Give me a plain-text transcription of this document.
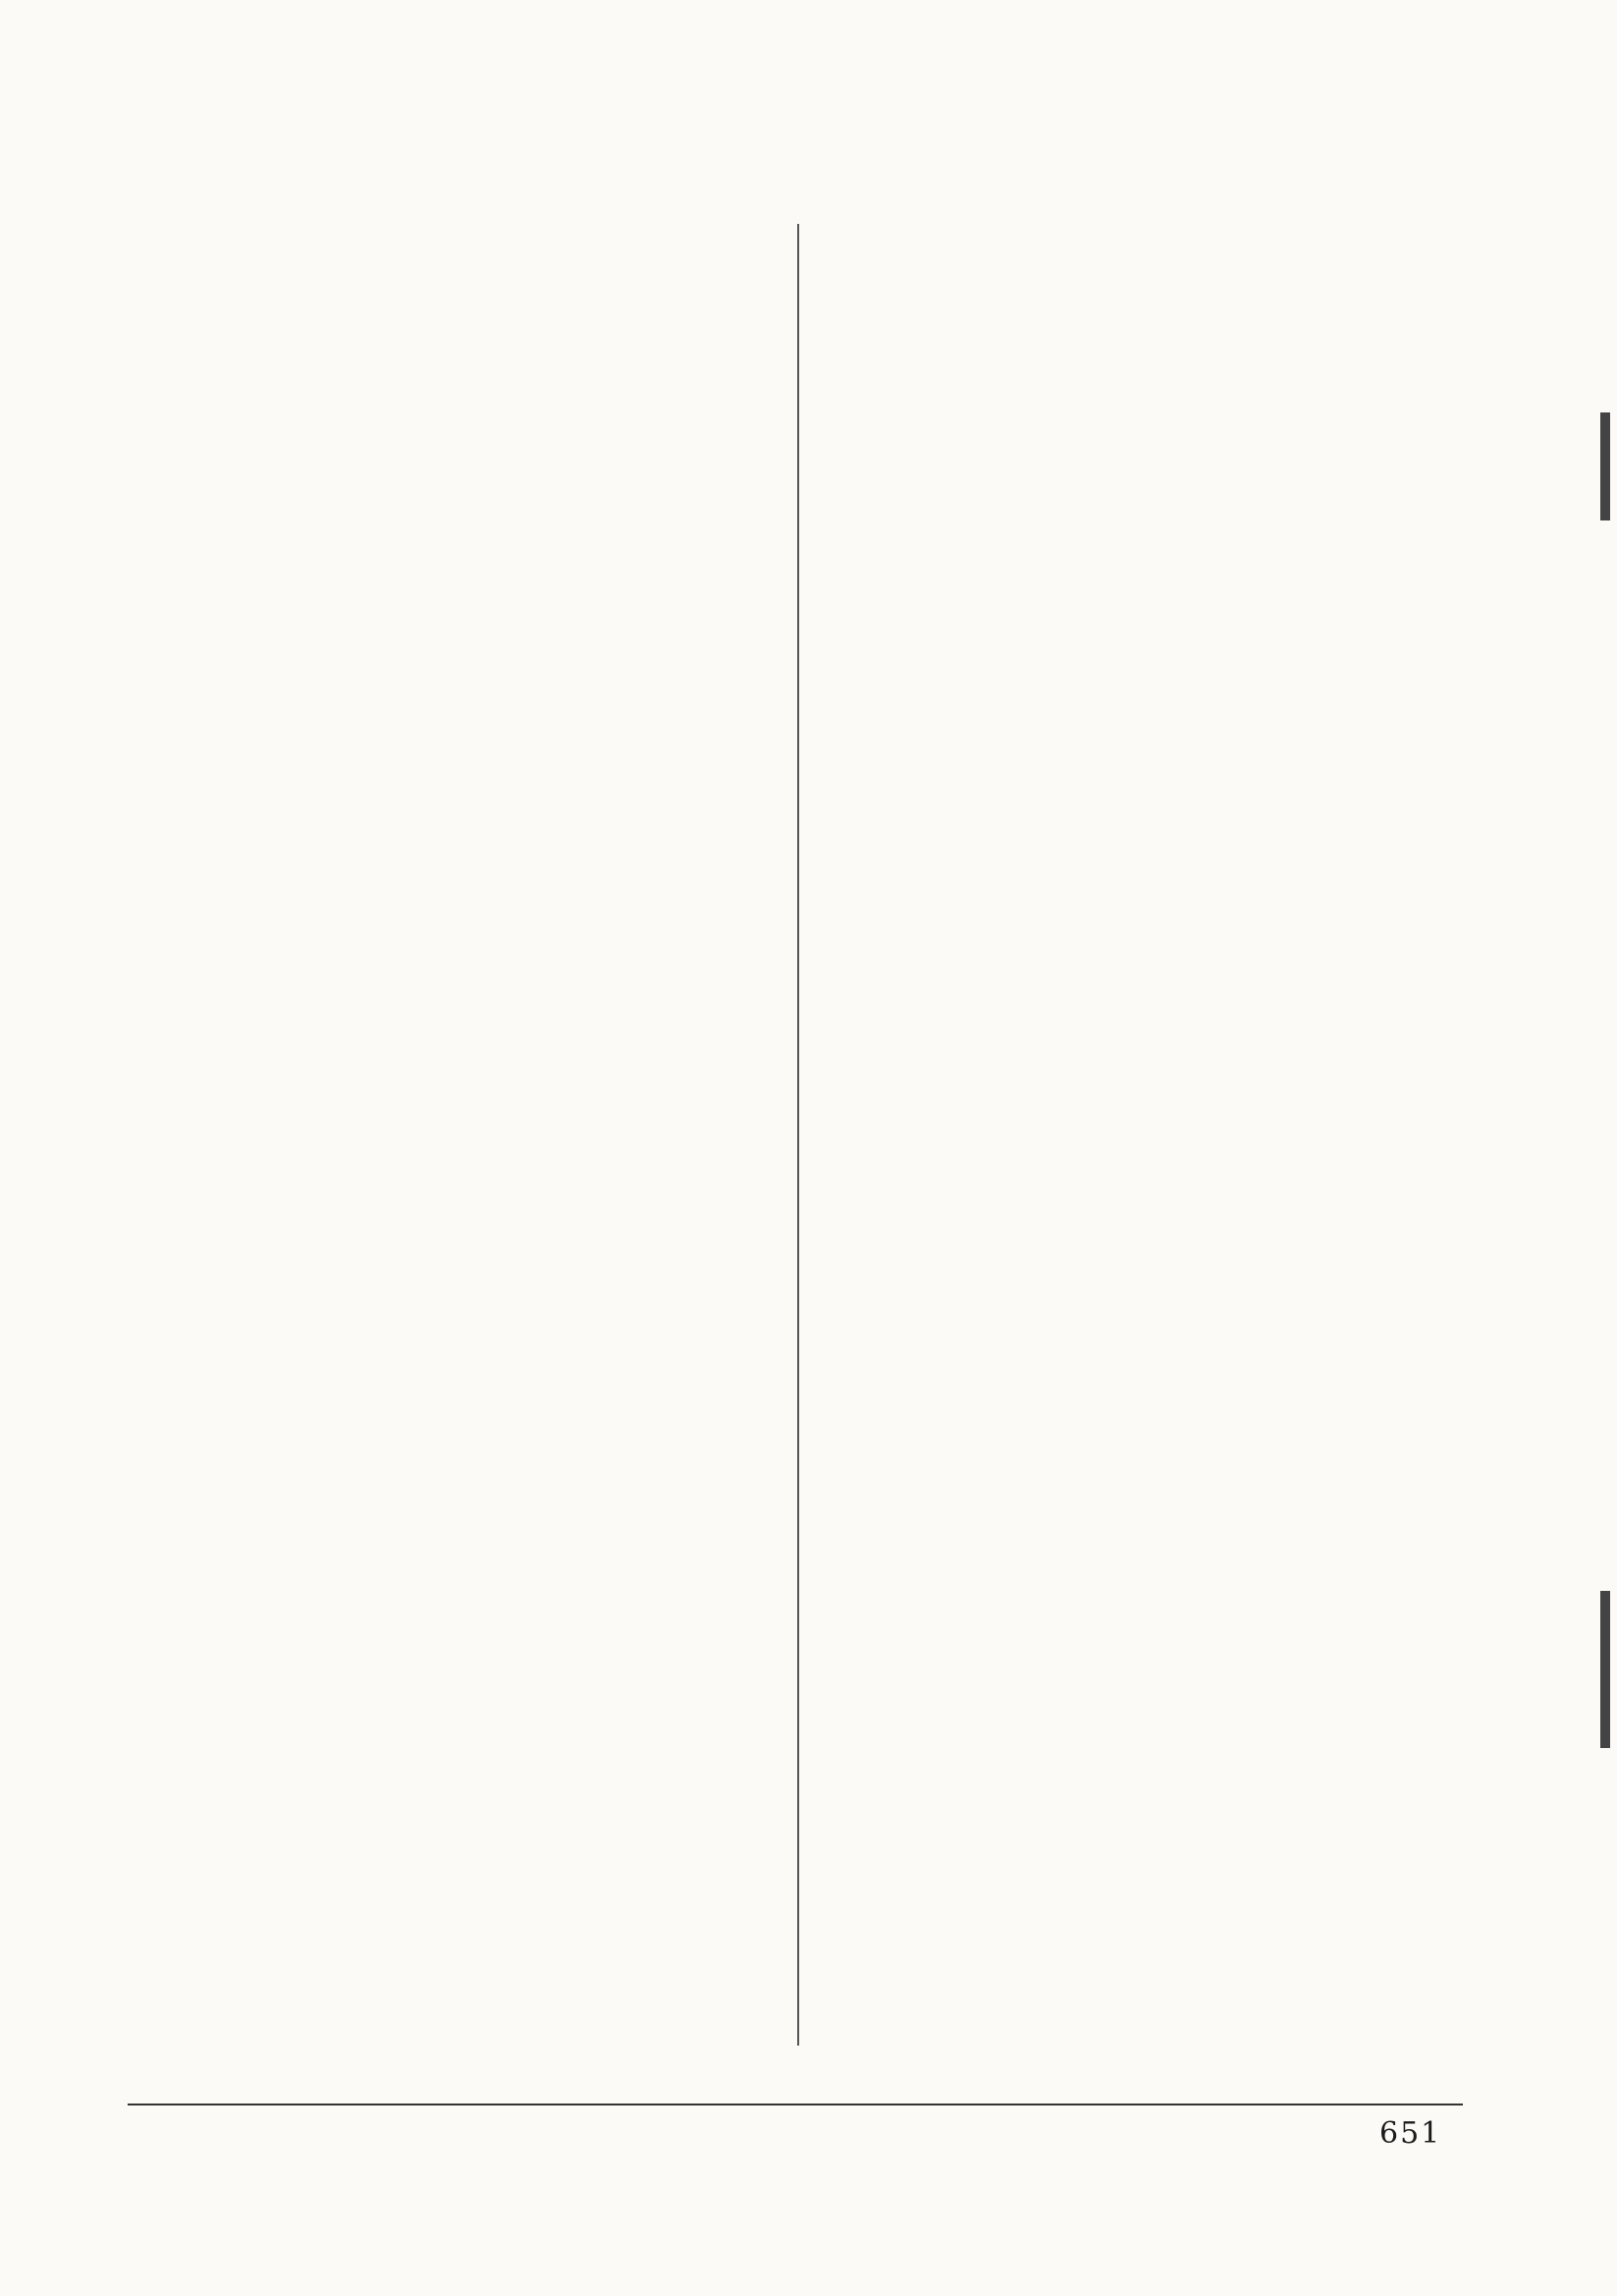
651
